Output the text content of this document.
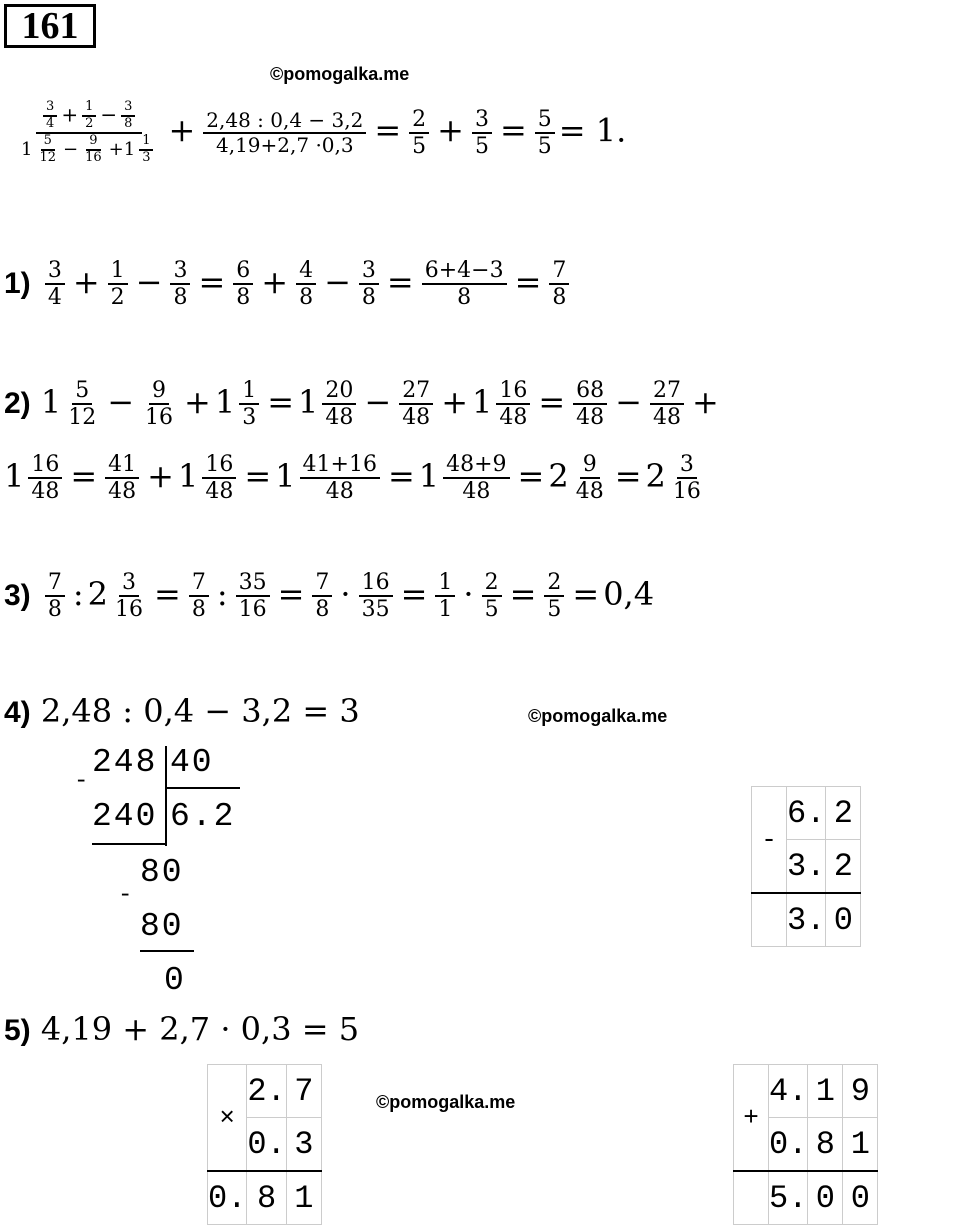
161
©pomogalka.me
©pomogalka.me
©pomogalka.me
$\frac{\frac{3}{4} + \frac{1}{2} - \frac{3}{8}}{1 \frac{5}{12} - \frac{9}{16} +1 \frac{1}{3}} + \frac{2,48 : 0,4 - 3,2}{4,19+2,7 \cdot 0,3} = \frac{2}{5} + \frac{3}{5} = \frac{5}{5} = 1$.
$1) \frac{3}{4} + \frac{1}{2} - \frac{3}{8} = \frac{6}{8} + \frac{4}{8} - \frac{3}{8} = \frac{6+4-3}{8} = \frac{7}{8}$
2) $1 \frac{5}{12} - \frac{9}{16} + 1 \frac{1}{3} = 1 \frac{20}{48} - \frac{27}{48} + 1 \frac{16}{48} = \frac{68}{48} - \frac{27}{48}$ +
$1 \frac{16}{48} = \frac{41}{48} + 1 \frac{16}{48} = 1 \frac{41+16}{48} = 1 \frac{48+9}{48} = 2 \frac{9}{48} = 2 \frac{3}{16}$
$3) \frac{7}{8}$ : $2 \frac{3}{16} = \frac{7}{8}$ : $\frac{35}{16} = \frac{7}{8} \cdot \frac{16}{35} = \frac{1}{1} \cdot \frac{2}{5} = \frac{2}{5} = 0,4$
4) 2,48 : 0,4 − 3,2 = 3
248 40
-
240 6.2
80
-
80
0
-	6.	2
	3.	2
	3.	0
5) 4,19 + 2,7 · 0,3 = 5
×	2.	7
	0.	3
0.	8	1
+	4.	1	9
	0.	8	1
	5.	0	0
